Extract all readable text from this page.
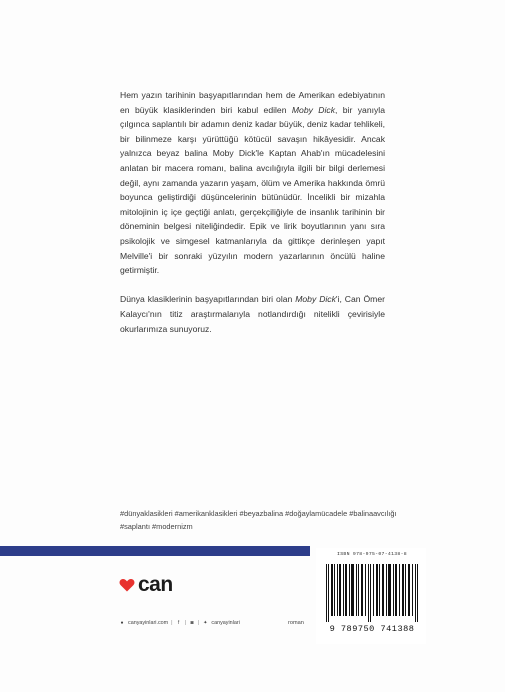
Hem yazın tarihinin başyapıtlarından hem de Amerikan edebiyatının en büyük klasiklerinden biri kabul edilen Moby Dick, bir yanıyla çılgınca saplantılı bir adamın deniz kadar büyük, deniz kadar tehlikeli, bir bilinmeze karşı yürüttüğü kötücül savaşın hikâyesidir. Ancak yalnızca beyaz balina Moby Dick'le Kaptan Ahab'ın mücadelesini anlatan bir macera romanı, balina avcılığıyla ilgili bir bilgi derlemesi değil, aynı zamanda yazarın yaşam, ölüm ve Amerika hakkında ömrü boyunca geliştirdiği düşüncelerinin bütünüdür. İncelikli bir mizahla mitolojinin iç içe geçtiği anlatı, gerçekçiliğiyle de insanlık tarihinin bir döneminin belgesi niteliğindedir. Epik ve lirik boyutlarının yanı sıra psikolojik ve simgesel katmanlarıyla da gittikçe derinleşen yapıt Melville'i bir sonraki yüzyılın modern yazarlarının öncülü haline getirmiştir.

Dünya klasiklerinin başyapıtlarından biri olan Moby Dick'i, Can Ömer Kalaycı'nın titiz araştırmalarıyla notlandırdığı nitelikli çevirisiyle okurlarımıza sunuyoruz.

#dünyaklasikleri #amerikanklasikleri #beyazbalina #doğaylamücadele #balinaavcılığı #saplantı #modernizm
ISBN 978-975-07-4138-8
9 789750 741388
can
● canyayinlari.com |	f | ◙ | ✦ canyayinlari	roman
